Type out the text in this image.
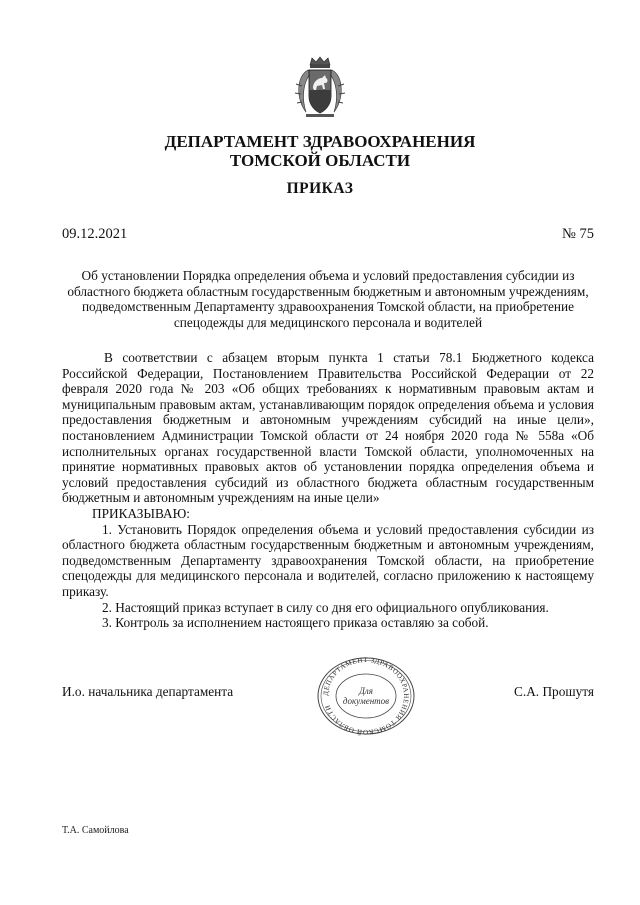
ДЕПАРТАМЕНТ ЗДРАВООХРАНЕНИЯ
ТОМСКОЙ ОБЛАСТИ
ПРИКАЗ
09.12.2021	№ 75
Об установлении Порядка определения объема и условий предоставления субсидии из областного бюджета областным государственным бюджетным и автономным учреждениям, подведомственным Департаменту здравоохранения Томской области, на приобретение спецодежды для медицинского персонала и водителей

В соответствии с абзацем вторым пункта 1 статьи 78.1 Бюджетного кодекса Российской Федерации, Постановлением Правительства Российской Федерации от 22 февраля 2020 года № 203 «Об общих требованиях к нормативным правовым актам и муниципальным правовым актам, устанавливающим порядок определения объема и условия предоставления бюджетным и автономным учреждениям субсидий на иные цели», постановлением Администрации Томской области от 24 ноября 2020 года № 558а «Об исполнительных органах государственной власти Томской области, уполномоченных на принятие нормативных правовых актов об установлении порядка определения объема и условий предоставления субсидий из областного бюджета областным государственным бюджетным и автономным учреждениям на иные цели»

ПРИКАЗЫВАЮ:

1. Установить Порядок определения объема и условий предоставления субсидии из областного бюджета областным государственным бюджетным и автономным учреждениям, подведомственным Департаменту здравоохранения Томской области, на приобретение спецодежды для медицинского персонала и водителей, согласно приложению к настоящему приказу.

2. Настоящий приказ вступает в силу со дня его официального опубликования.

3. Контроль за исполнением настоящего приказа оставляю за собой.

И.о. начальника департамента	ДЕПАРТАМЕНТ ЗДРАВООХРАНЕНИЯ ТОМСКОЙ ОБЛАСТИ
Для
документов
С.А. Прошутя
Т.А. Самойлова
